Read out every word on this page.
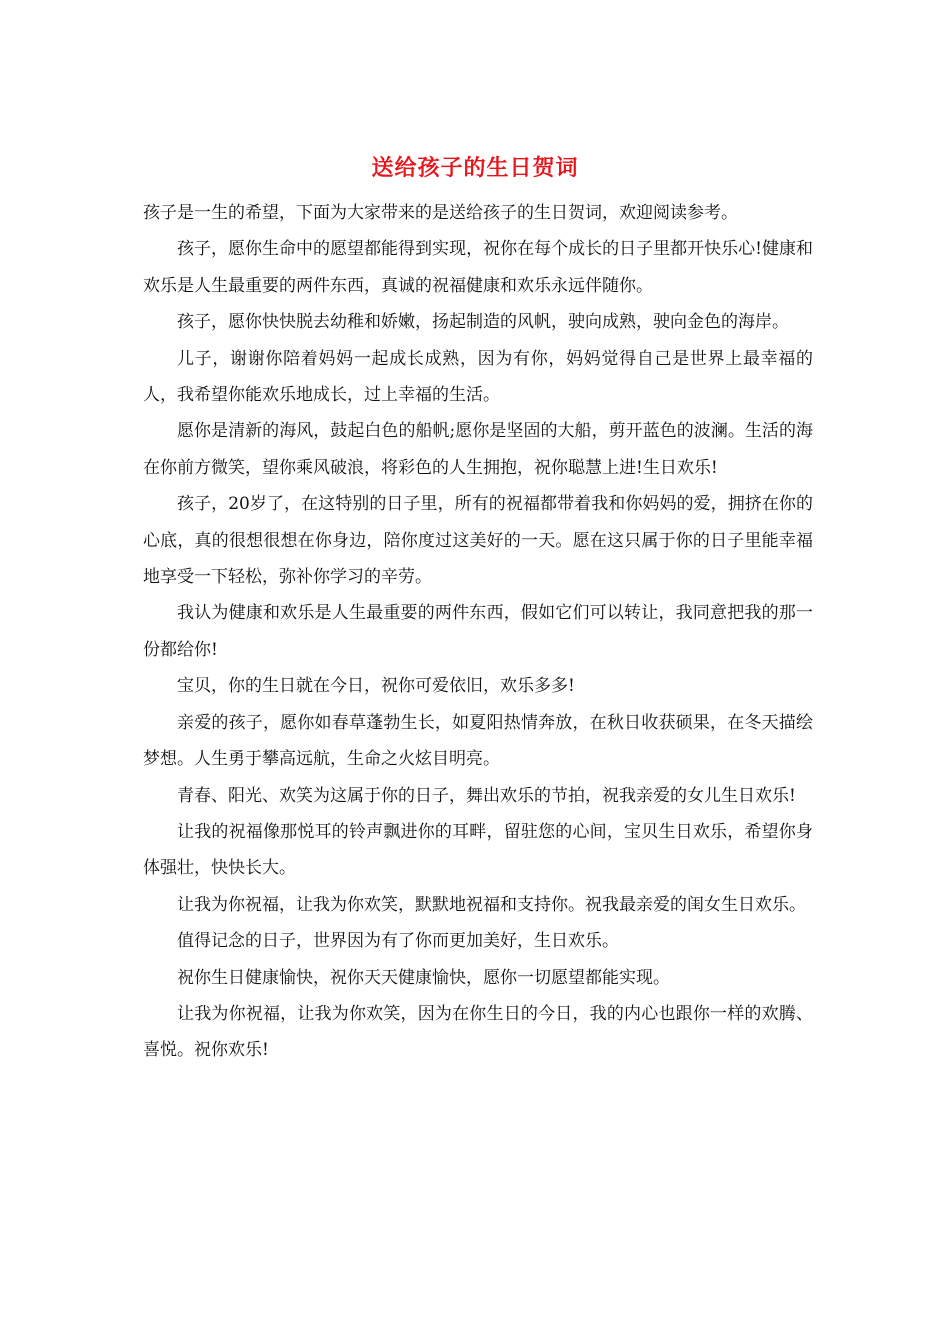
送给孩子的生日贺词

孩子是一生的希望，下面为大家带来的是送给孩子的生日贺词，欢迎阅读参考。

孩子，愿你生命中的愿望都能得到实现，祝你在每个成长的日子里都开快乐心!健康和欢乐是人生最重要的两件东西，真诚的祝福健康和欢乐永远伴随你。

孩子，愿你快快脱去幼稚和娇嫩，扬起制造的风帆，驶向成熟，驶向金色的海岸。

儿子，谢谢你陪着妈妈一起成长成熟，因为有你，妈妈觉得自己是世界上最幸福的人，我希望你能欢乐地成长，过上幸福的生活。

愿你是清新的海风，鼓起白色的船帆;愿你是坚固的大船，剪开蓝色的波澜。生活的海在你前方微笑，望你乘风破浪，将彩色的人生拥抱，祝你聪慧上进!生日欢乐!

孩子，20岁了，在这特别的日子里，所有的祝福都带着我和你妈妈的爱，拥挤在你的心底，真的很想很想在你身边，陪你度过这美好的一天。愿在这只属于你的日子里能幸福地享受一下轻松，弥补你学习的辛劳。

我认为健康和欢乐是人生最重要的两件东西，假如它们可以转让，我同意把我的那一份都给你!

宝贝，你的生日就在今日，祝你可爱依旧，欢乐多多!

亲爱的孩子，愿你如春草蓬勃生长，如夏阳热情奔放，在秋日收获硕果，在冬天描绘梦想。人生勇于攀高远航，生命之火炫目明亮。

青春、阳光、欢笑为这属于你的日子，舞出欢乐的节拍，祝我亲爱的女儿生日欢乐!

让我的祝福像那悦耳的铃声飘进你的耳畔，留驻您的心间，宝贝生日欢乐，希望你身体强壮，快快长大。

让我为你祝福，让我为你欢笑，默默地祝福和支持你。祝我最亲爱的闺女生日欢乐。

值得记念的日子，世界因为有了你而更加美好，生日欢乐。

祝你生日健康愉快，祝你天天健康愉快，愿你一切愿望都能实现。

让我为你祝福，让我为你欢笑，因为在你生日的今日，我的内心也跟你一样的欢腾、喜悦。祝你欢乐!
